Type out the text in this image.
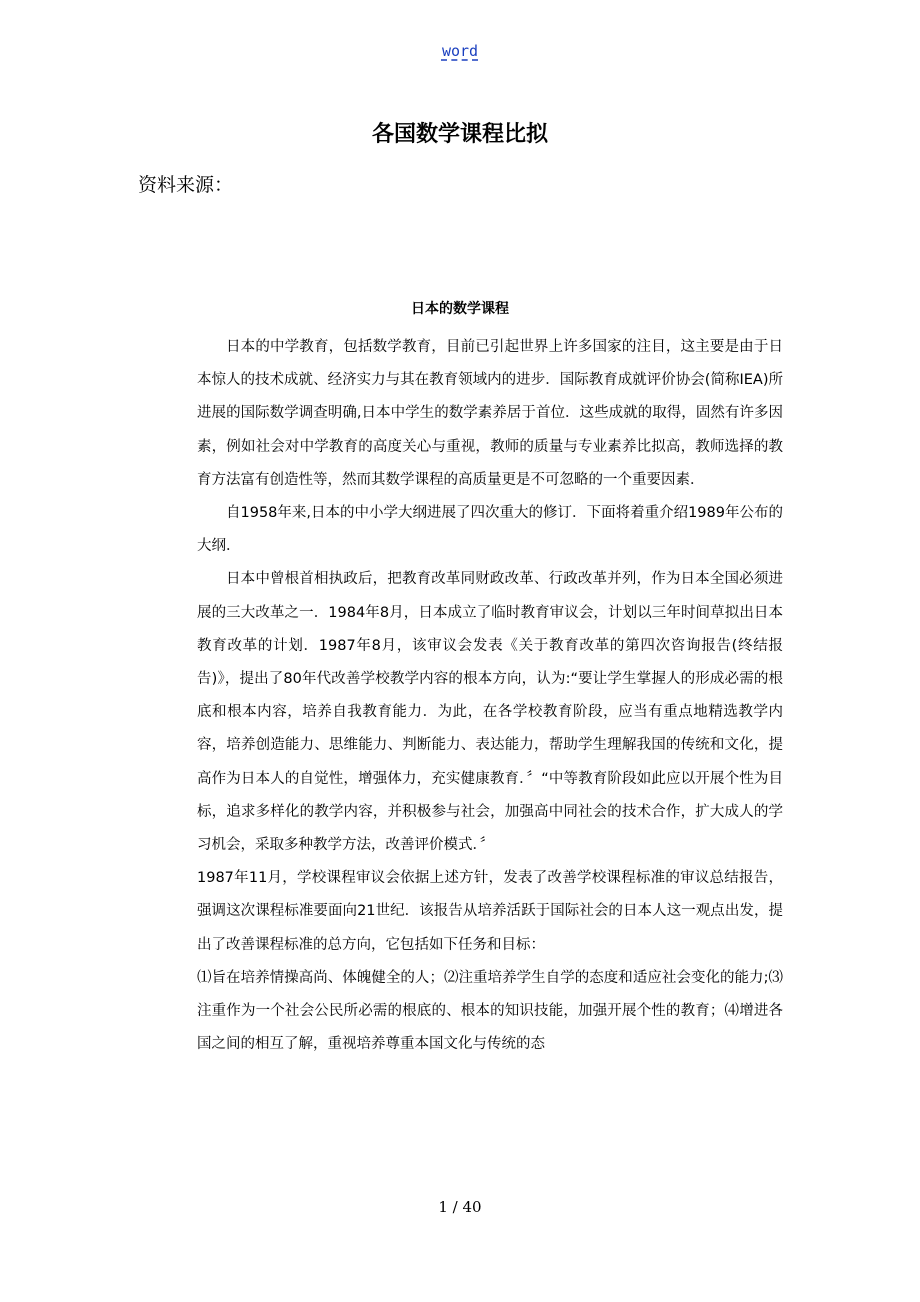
word
各国数学课程比拟

资料来源：

日本的数学课程

日本的中学教育，包括数学教育，目前已引起世界上许多国家的注目，这主要是由于日本惊人的技术成就、经济实力与其在教育领域内的进步．国际教育成就评价协会(简称IEA)所进展的国际数学调查明确,日本中学生的数学素养居于首位．这些成就的取得，固然有许多因素，例如社会对中学教育的高度关心与重视，教师的质量与专业素养比拟高，教师选择的教育方法富有创造性等，然而其数学课程的高质量更是不可忽略的一个重要因素．

自1958年来,日本的中小学大纲进展了四次重大的修订．下面将着重介绍1989年公布的大纲．

日本中曾根首相执政后，把教育改革同财政改革、行政改革并列，作为日本全国必须进展的三大改革之一．1984年8月，日本成立了临时教育审议会，计划以三年时间草拟出日本教育改革的计划．1987年8月，该审议会发表《关于教育改革的第四次咨询报告(终结报告)》，提出了80年代改善学校教学内容的根本方向，认为:“要让学生掌握人的形成必需的根底和根本内容，培养自我教育能力．为此，在各学校教育阶段，应当有重点地精选教学内容，培养创造能力、思维能力、判断能力、表达能力，帮助学生理解我国的传统和文化，提高作为日本人的自觉性，增强体力，充实健康教育．〞“中等教育阶段如此应以开展个性为目标，追求多样化的教学内容，并积极参与社会，加强高中同社会的技术合作，扩大成人的学习机会，采取多种教学方法，改善评价模式．〞

1987年11月，学校课程审议会依据上述方针，发表了改善学校课程标准的审议总结报告，强调这次课程标准要面向21世纪．该报告从培养活跃于国际社会的日本人这一观点出发，提出了改善课程标准的总方向，它包括如下任务和目标：

⑴旨在培养情操高尚、体魄健全的人；⑵注重培养学生自学的态度和适应社会变化的能力;⑶注重作为一个社会公民所必需的根底的、根本的知识技能，加强开展个性的教育；⑷增进各国之间的相互了解，重视培养尊重本国文化与传统的态

1 / 40
